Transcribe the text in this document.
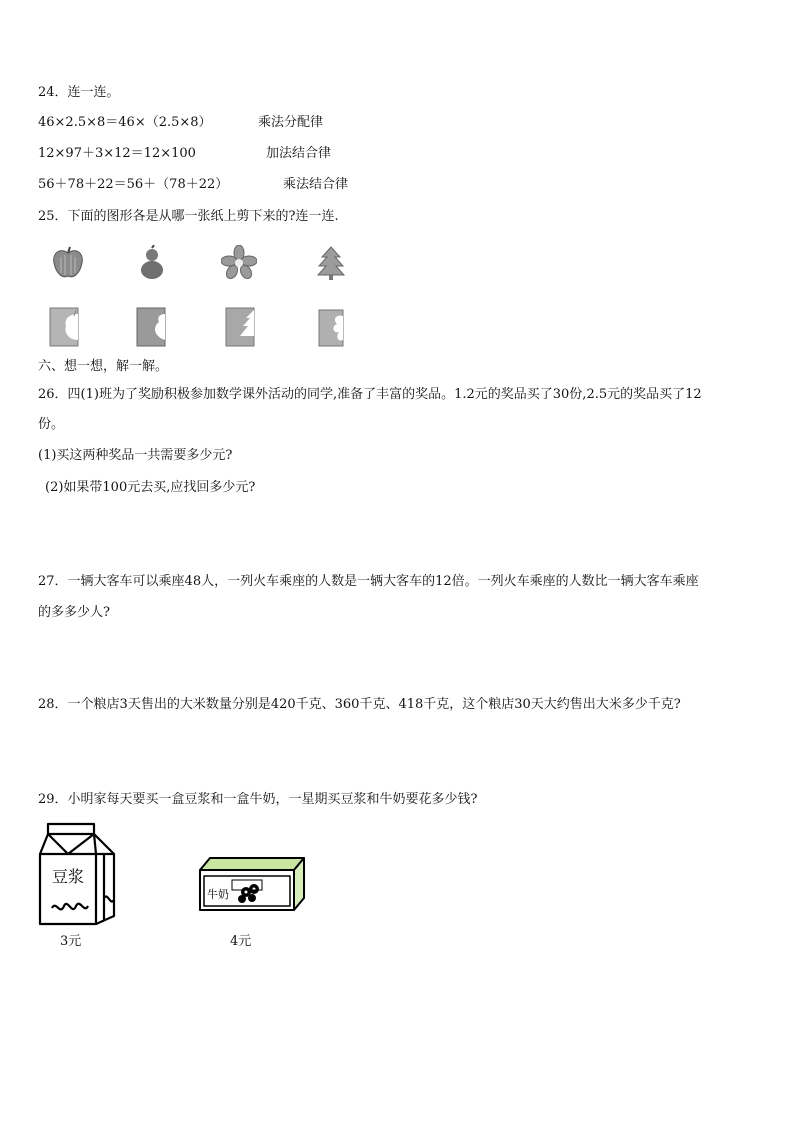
24．连一连。
46×2.5×8＝46×（2.5×8）	乘法分配律
12×97＋3×12＝12×100	加法结合律
56＋78＋22＝56＋（78＋22）	乘法结合律
25．下面的图形各是从哪一张纸上剪下来的?连一连.
六、想一想，解一解。
26．四(1)班为了奖励积极参加数学课外活动的同学,准备了丰富的奖品。1.2元的奖品买了30份,2.5元的奖品买了12
份。
(1)买这两种奖品一共需要多少元?
(2)如果带100元去买,应找回多少元?
27．一辆大客车可以乘座48人，一列火车乘座的人数是一辆大客车的12倍。一列火车乘座的人数比一辆大客车乘座
的多多少人?
28．一个粮店3天售出的大米数量分别是420千克、360千克、418千克，这个粮店30天大约售出大米多少千克?
29．小明家每天要买一盒豆浆和一盒牛奶，一星期买豆浆和牛奶要花多少钱?
豆浆
牛奶
3元	4元
